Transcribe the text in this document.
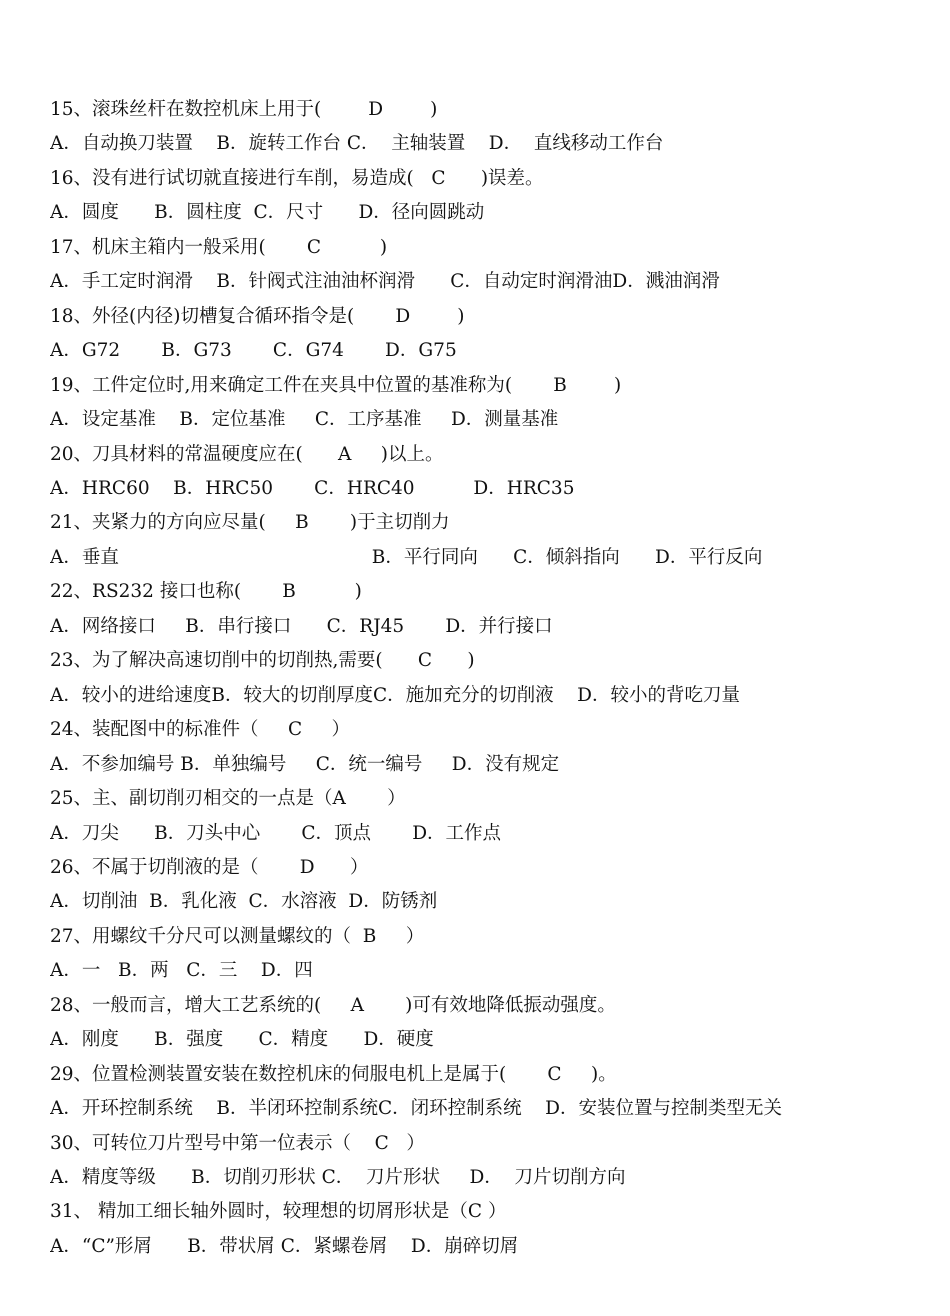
15、滚珠丝杆在数控机床上用于(        D        )
A．自动换刀装置    B．旋转工作台 C．  主轴装置    D．  直线移动工作台
16、没有进行试切就直接进行车削，易造成(   C      )误差。
A．圆度      B．圆柱度  C．尺寸      D．径向圆跳动
17、机床主箱内一般采用(       C          )
A．手工定时润滑    B．针阀式注油油杯润滑      C．自动定时润滑油D．溅油润滑
18、外径(内径)切槽复合循环指令是(       D        )
A．G72       B．G73       C．G74       D．G75
19、工件定位时,用来确定工件在夹具中位置的基准称为(       B        )
A．设定基准    B．定位基准     C．工序基准     D．测量基准
20、刀具材料的常温硬度应在(      A     )以上。
A．HRC60    B．HRC50       C．HRC40          D．HRC35
21、夹紧力的方向应尽量(     B       )于主切削力
A．垂直                                           B．平行同向      C．倾斜指向      D．平行反向
22、RS232 接口也称(       B          )
A．网络接口     B．串行接口      C．RJ45       D．并行接口
23、为了解决高速切削中的切削热,需要(      C      )
A．较小的进给速度B．较大的切削厚度C．施加充分的切削液    D．较小的背吃刀量
24、装配图中的标准件（     C     ）
A．不参加编号 B．单独编号     C．统一编号     D．没有规定
25、主、副切削刃相交的一点是（A       ）
A．刀尖      B．刀头中心       C．顶点       D．工作点
26、不属于切削液的是（       D      ）
A．切削油  B．乳化液  C．水溶液  D．防锈剂
27、用螺纹千分尺可以测量螺纹的（  B     ）
A．一   B．两   C．三    D．四
28、一般而言，增大工艺系统的(     A       )可有效地降低振动强度。
A．刚度      B．强度      C．精度      D．硬度
29、位置检测装置安装在数控机床的伺服电机上是属于(       C     )。
A．开环控制系统    B．半闭环控制系统C．闭环控制系统    D．安装位置与控制类型无关
30、可转位刀片型号中第一位表示（    C   ）
A．精度等级      B．切削刃形状 C．  刀片形状     D．  刀片切削方向
31、 精加工细长轴外圆时，较理想的切屑形状是（C ）
A．“C”形屑      B．带状屑 C．紧螺卷屑    D．崩碎切屑
